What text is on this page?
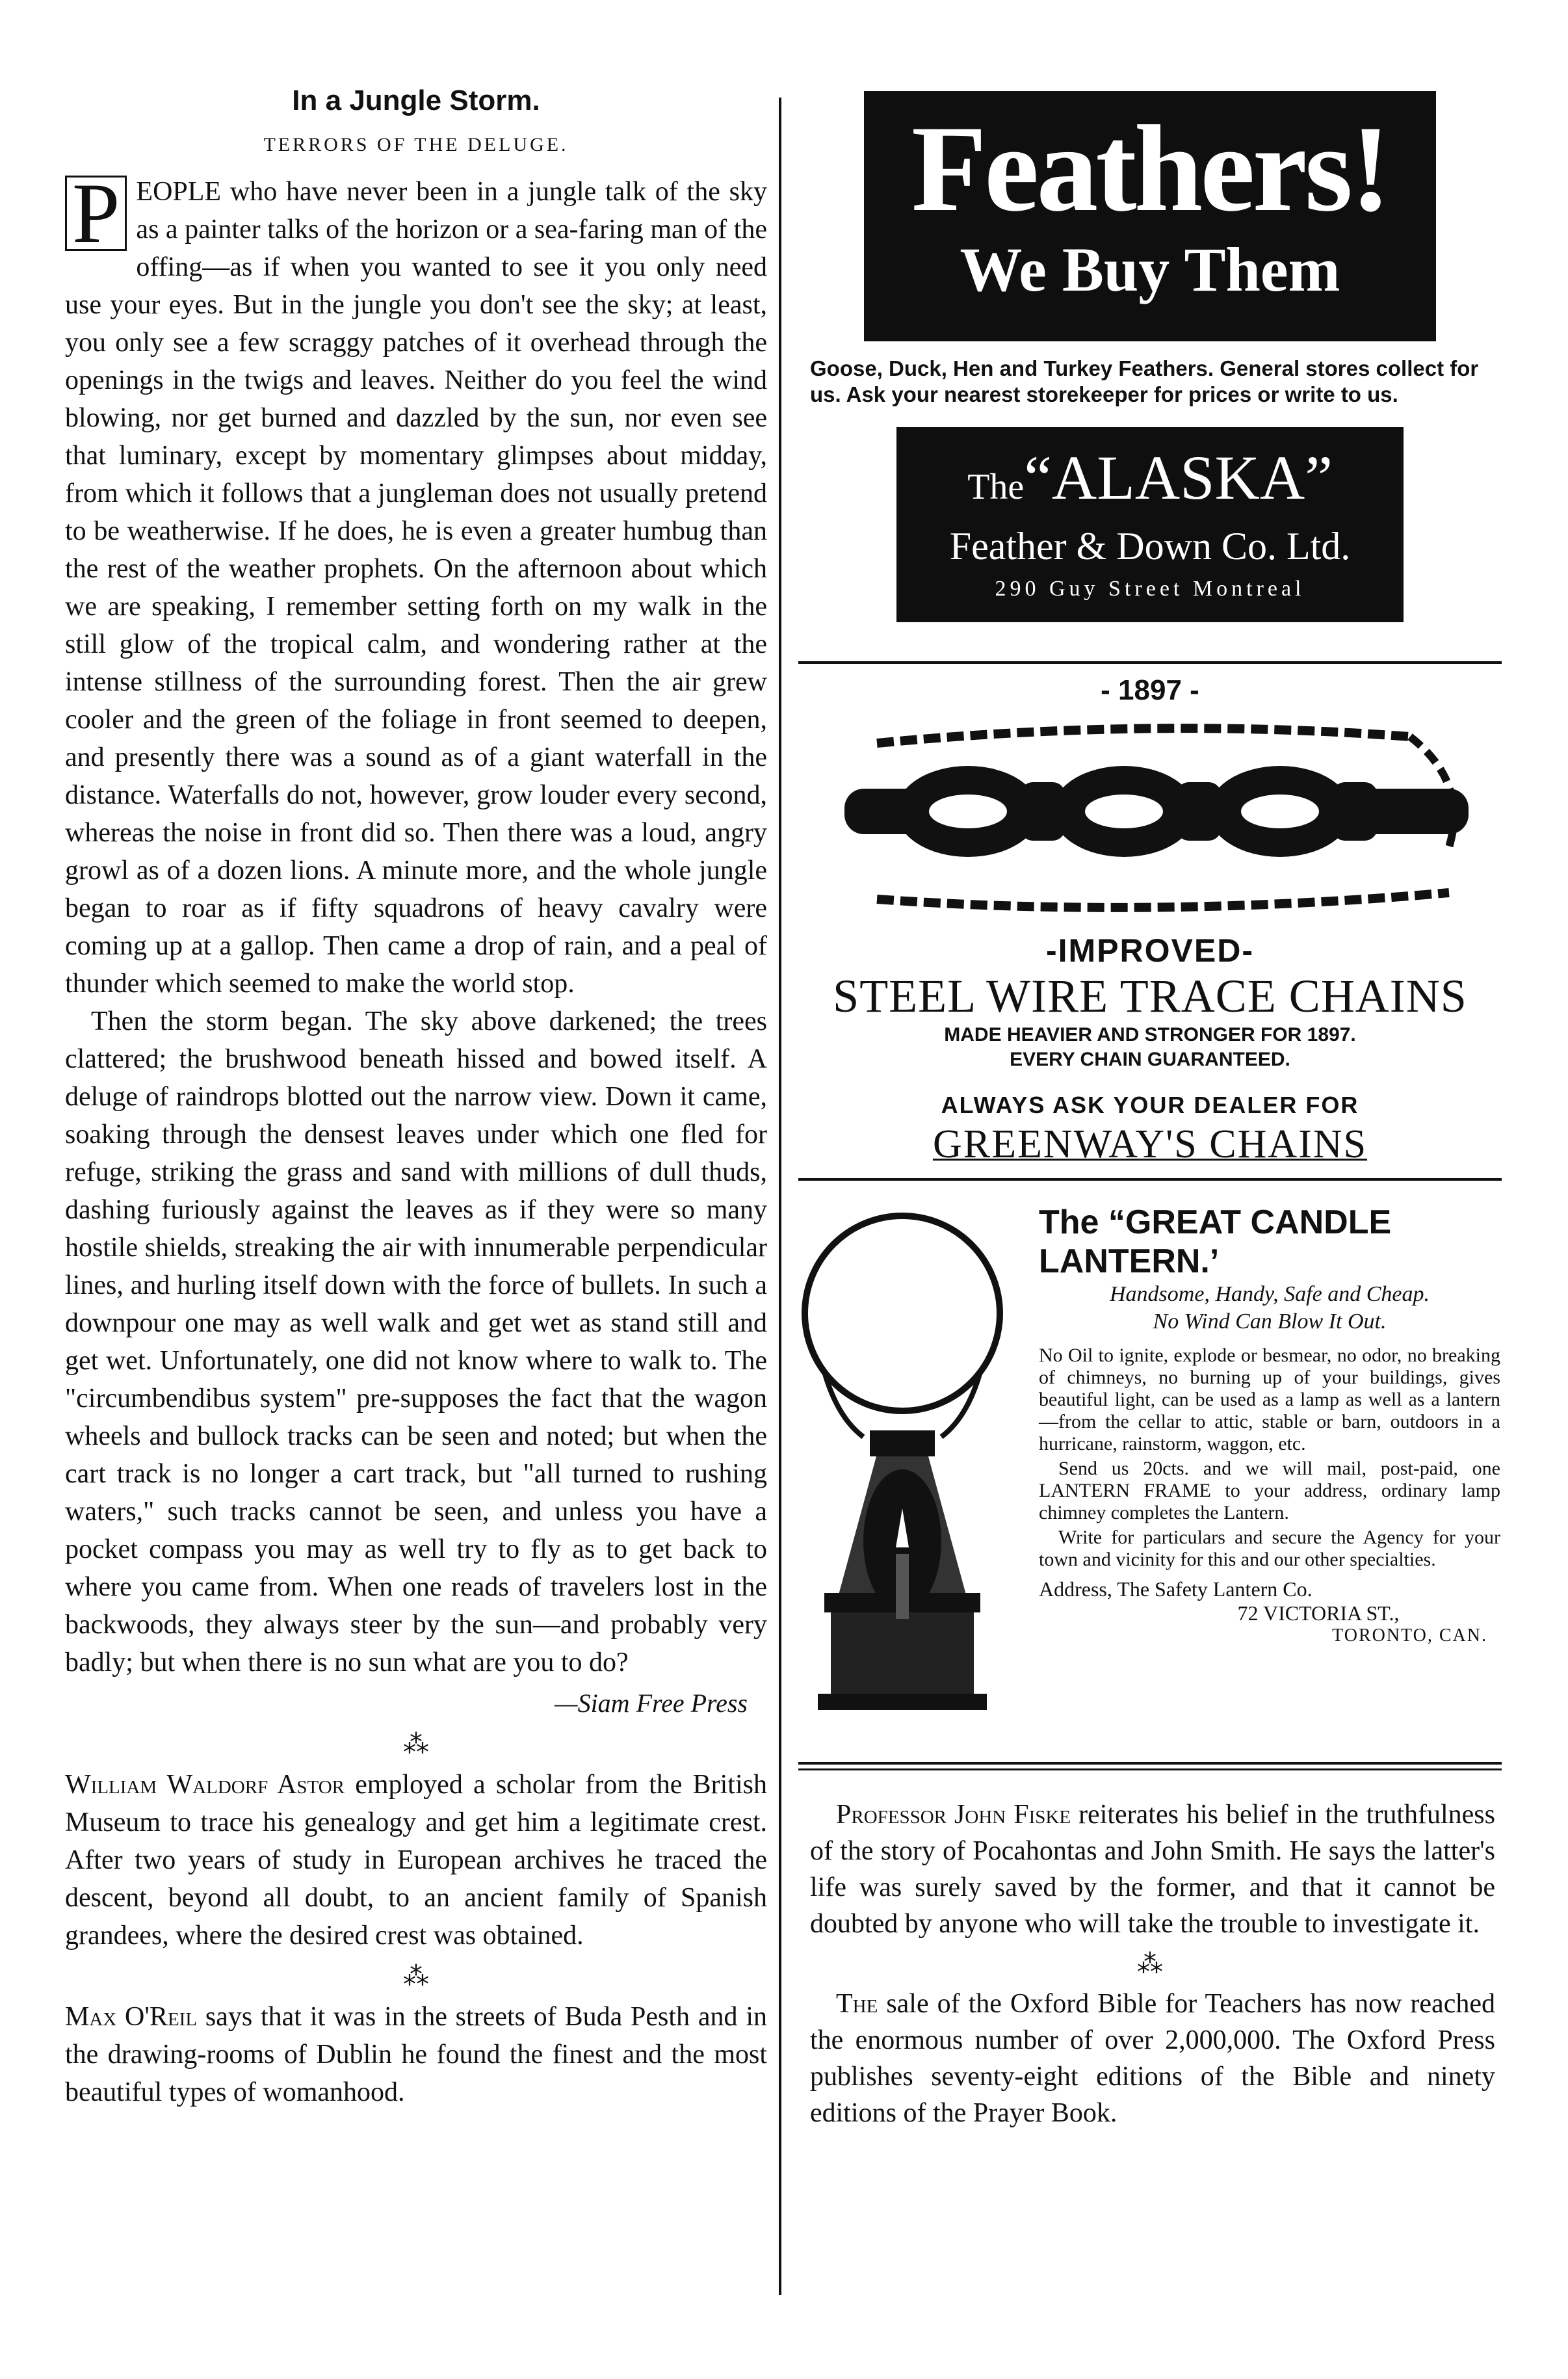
In a Jungle Storm.
TERRORS OF THE DELUGE.

P EOPLE who have never been in a jungle talk of the sky as a painter talks of the horizon or a sea-faring man of the offing—as if when you wanted to see it you only need use your eyes. But in the jungle you don't see the sky; at least, you only see a few scraggy patches of it overhead through the openings in the twigs and leaves. Neither do you feel the wind blowing, nor get burned and dazzled by the sun, nor even see that luminary, except by momentary glimpses about midday, from which it follows that a jungleman does not usually pretend to be weatherwise. If he does, he is even a greater humbug than the rest of the weather prophets. On the afternoon about which we are speaking, I remember setting forth on my walk in the still glow of the tropical calm, and wondering rather at the intense stillness of the surrounding forest. Then the air grew cooler and the green of the foliage in front seemed to deepen, and presently there was a sound as of a giant waterfall in the distance. Waterfalls do not, however, grow louder every second, whereas the noise in front did so. Then there was a loud, angry growl as of a dozen lions. A minute more, and the whole jungle began to roar as if fifty squadrons of heavy cavalry were coming up at a gallop. Then came a drop of rain, and a peal of thunder which seemed to make the world stop.

Then the storm began. The sky above darkened; the trees clattered; the brushwood beneath hissed and bowed itself. A deluge of raindrops blotted out the narrow view. Down it came, soaking through the densest leaves under which one fled for refuge, striking the grass and sand with millions of dull thuds, dashing furiously against the leaves as if they were so many hostile shields, streaking the air with innumerable perpendicular lines, and hurling itself down with the force of bullets. In such a downpour one may as well walk and get wet as stand still and get wet. Unfortunately, one did not know where to walk to. The "circumbendibus system" pre-supposes the fact that the wagon wheels and bullock tracks can be seen and noted; but when the cart track is no longer a cart track, but "all turned to rushing waters," such tracks cannot be seen, and unless you have a pocket compass you may as well try to fly as to get back to where you came from. When one reads of travelers lost in the backwoods, they always steer by the sun—and probably very badly; but when there is no sun what are you to do?

—Siam Free Press
⁂

William Waldorf Astor employed a scholar from the British Museum to trace his genealogy and get him a legitimate crest. After two years of study in European archives he traced the descent, beyond all doubt, to an ancient family of Spanish grandees, where the desired crest was obtained.

⁂

Max O'Reil says that it was in the streets of Buda Pesth and in the drawing-rooms of Dublin he found the finest and the most beautiful types of womanhood.

Feathers!
We Buy Them
Goose, Duck, Hen and Turkey Feathers. General stores collect for us. Ask your nearest storekeeper for prices or write to us.
The“ALASKA”
Feather & Down Co. Ltd.
290 Guy Street Montreal
- 1897 -
-IMPROVED-
STEEL WIRE TRACE CHAINS
MADE HEAVIER AND STRONGER FOR 1897.
EVERY CHAIN GUARANTEED.
ALWAYS ASK YOUR DEALER FOR
GREENWAY'S CHAINS
The “GREAT CANDLE LANTERN.’
Handsome, Handy, Safe and Cheap.
No Wind Can Blow It Out.

No Oil to ignite, explode or besmear, no odor, no breaking of chimneys, no burning up of your buildings, gives beautiful light, can be used as a lamp as well as a lantern—from the cellar to attic, stable or barn, outdoors in a hurricane, rainstorm, waggon, etc.

Send us 20cts. and we will mail, post-paid, one LANTERN FRAME to your address, ordinary lamp chimney completes the Lantern.

Write for particulars and secure the Agency for your town and vicinity for this and our other specialties.

Address, The Safety Lantern Co.
72 VICTORIA ST.,
TORONTO, CAN.

Professor John Fiske reiterates his belief in the truthfulness of the story of Pocahontas and John Smith. He says the latter's life was surely saved by the former, and that it cannot be doubted by anyone who will take the trouble to investigate it.

⁂

The sale of the Oxford Bible for Teachers has now reached the enormous number of over 2,000,000. The Oxford Press publishes seventy-eight editions of the Bible and ninety editions of the Prayer Book.
